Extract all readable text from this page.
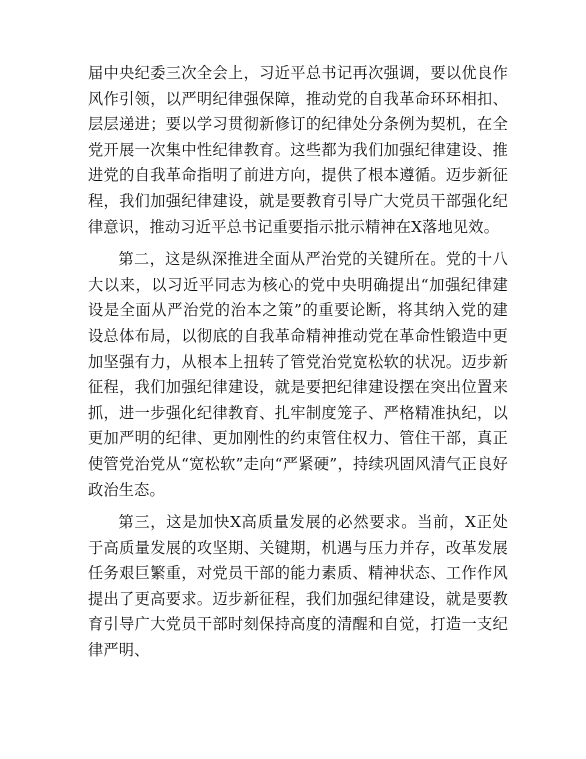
届中央纪委三次全会上，习近平总书记再次强调，要以优良作风作引领，以严明纪律强保障，推动党的自我革命环环相扣、层层递进；要以学习贯彻新修订的纪律处分条例为契机，在全党开展一次集中性纪律教育。这些都为我们加强纪律建设、推进党的自我革命指明了前进方向，提供了根本遵循。迈步新征程，我们加强纪律建设，就是要教育引导广大党员干部强化纪律意识，推动习近平总书记重要指示批示精神在X落地见效。

第二，这是纵深推进全面从严治党的关键所在。党的十八大以来，以习近平同志为核心的党中央明确提出“加强纪律建设是全面从严治党的治本之策”的重要论断，将其纳入党的建设总体布局，以彻底的自我革命精神推动党在革命性锻造中更加坚强有力，从根本上扭转了管党治党宽松软的状况。迈步新征程，我们加强纪律建设，就是要把纪律建设摆在突出位置来抓，进一步强化纪律教育、扎牢制度笼子、严格精准执纪，以更加严明的纪律、更加刚性的约束管住权力、管住干部，真正使管党治党从“宽松软”走向“严紧硬”，持续巩固风清气正良好政治生态。

第三，这是加快X高质量发展的必然要求。当前，X正处于高质量发展的攻坚期、关键期，机遇与压力并存，改革发展任务艰巨繁重，对党员干部的能力素质、精神状态、工作作风提出了更高要求。迈步新征程，我们加强纪律建设，就是要教育引导广大党员干部时刻保持高度的清醒和自觉，打造一支纪律严明、
